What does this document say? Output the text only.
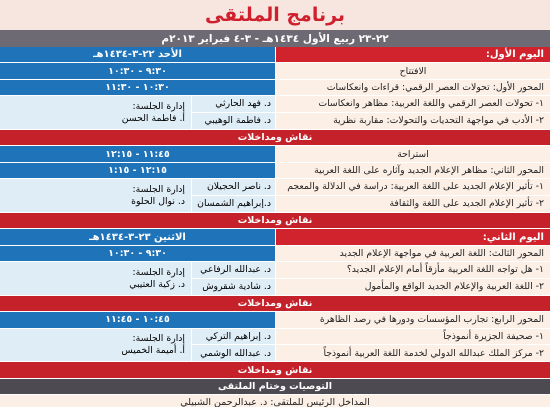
برنامج الملتقى
٢٢-٢٣ ربيع الأول ١٤٣٤هـ - ٣-٤ فبراير ٢٠١٣م
اليوم الأول:
الأحد ٢٢-٣-١٤٣٤هـ
الافتتاح
٩:٣٠ - ١٠:٣٠
المحور الأول: تحولات العصر الرقمي: قراءات وانعكاسات
١٠:٣٠ - ١١:٣٠
١- تحولات العصر الرقمي واللغة العربية: مظاهر وانعكاسات
٢- الأدب في مواجهة التحديات والتحولات: مقاربة نظرية
د. فهد الحارثي
د. فاطمة الوهيبي
إدارة الجلسة:
أ. فاطمة الحسن
نقاش ومداخلات
استراحة
١١:٤٥ - ١٢:١٥
المحور الثاني: مظاهر الإعلام الجديد وآثاره على اللغة العربية
١٢:١٥ - ١:١٥
١- تأثير الإعلام الجديد على اللغة العربية: دراسة في الدلالة والمعجم
٢- تأثير الإعلام الجديد على اللغة والثقافة
د. ناصر الحجيلان
د.إبراهيم الشمسان
إدارة الجلسة:
د. نوال الحلوة
نقاش ومداخلات
اليوم الثاني:
الاثنين ٢٣-٣-١٤٣٤هـ
المحور الثالث: اللغة العربية في مواجهة الإعلام الجديد
٩:٣٠ - ١٠:٣٠
١- هل تواجه اللغة العربية مأزقاً أمام الإعلام الجديد؟
٢- اللغة العربية والإعلام الجديد الواقع والمأمول
د. عبدالله الرفاعي
د. شادية شقروش
إدارة الجلسة:
د. زكية العتيبي
نقاش ومداخلات
المحور الرابع: تجارب المؤسسات ودورها في رصد الظاهرة
١٠:٤٥ - ١١:٤٥
١- صحيفة الجزيرة أنموذجاً
٢- مركز الملك عبدالله الدولي لخدمة اللغة العربية أنموذجاً
د. إبراهيم التركي
د. عبدالله الوشمي
إدارة الجلسة:
أ. أميمة الخميس
نقاش ومداخلات
التوصيات وختام الملتقى
المداخل الرئيس للملتقى: د. عبدالرحمن الشبيلي
